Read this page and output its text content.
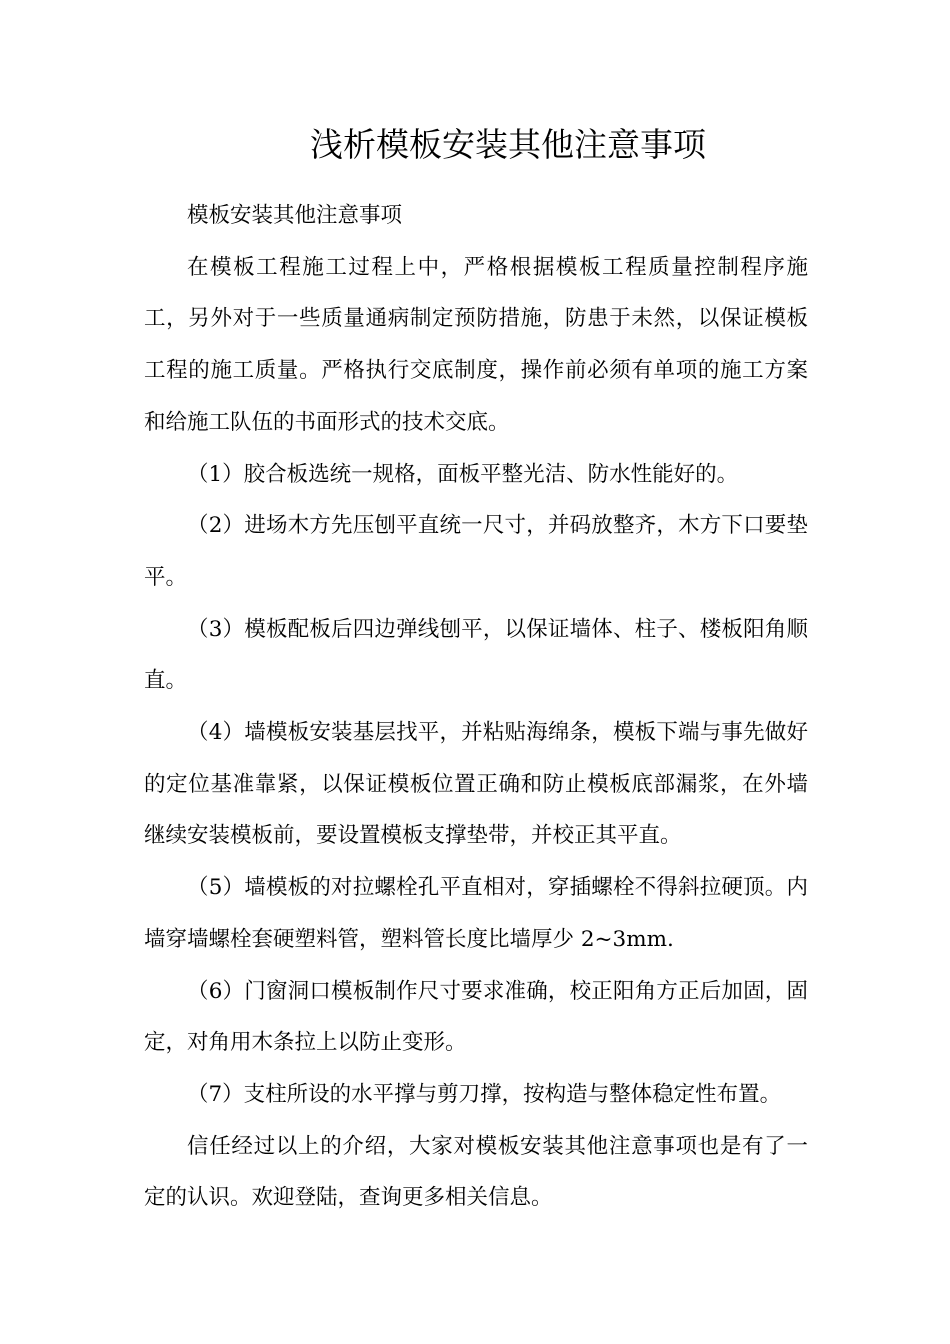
浅析模板安装其他注意事项

模板安装其他注意事项

在模板工程施工过程上中，严格根据模板工程质量控制程序施工，另外对于一些质量通病制定预防措施，防患于未然，以保证模板工程的施工质量。严格执行交底制度，操作前必须有单项的施工方案和给施工队伍的书面形式的技术交底。

（1）胶合板选统一规格，面板平整光洁、防水性能好的。

（2）进场木方先压刨平直统一尺寸，并码放整齐，木方下口要垫平。

（3）模板配板后四边弹线刨平，以保证墙体、柱子、楼板阳角顺直。

（4）墙模板安装基层找平，并粘贴海绵条，模板下端与事先做好的定位基准靠紧，以保证模板位置正确和防止模板底部漏浆，在外墙继续安装模板前，要设置模板支撑垫带，并校正其平直。

（5）墙模板的对拉螺栓孔平直相对，穿插螺栓不得斜拉硬顶。内墙穿墙螺栓套硬塑料管，塑料管长度比墙厚少 2~3mm.

（6）门窗洞口模板制作尺寸要求准确，校正阳角方正后加固，固定，对角用木条拉上以防止变形。

（7）支柱所设的水平撑与剪刀撑，按构造与整体稳定性布置。

信任经过以上的介绍，大家对模板安装其他注意事项也是有了一定的认识。欢迎登陆，查询更多相关信息。
